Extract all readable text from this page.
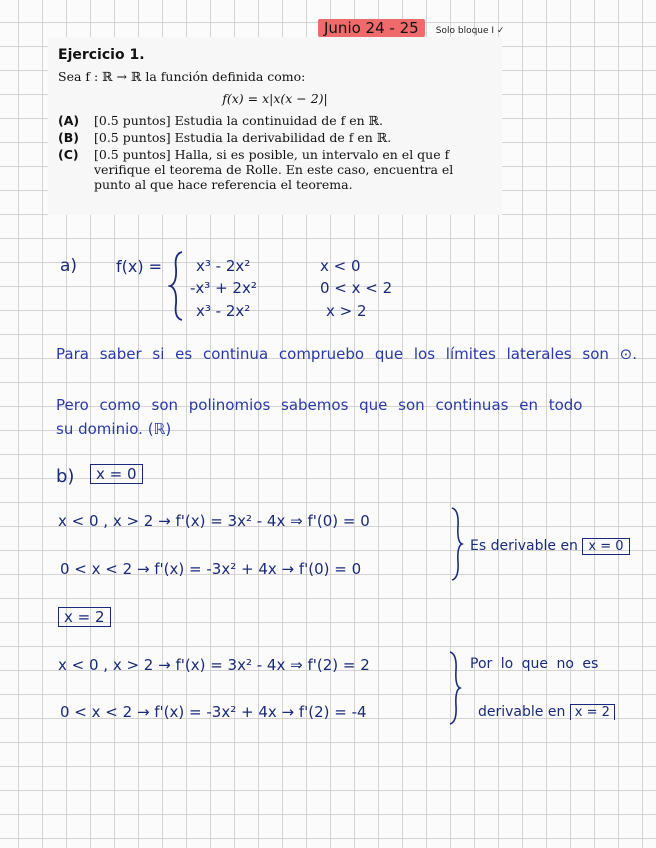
Junio 24 - 25 Solo bloque I ✓
Ejercicio 1.

Sea f : ℝ → ℝ la función definida como:

f(x) = x|x(x − 2)|

(A)	[0.5 puntos] Estudia la continuidad de f en ℝ.
(B)	[0.5 puntos] Estudia la derivabilidad de f en ℝ.
(C)	[0.5 puntos] Halla, si es posible, un intervalo en el que f verifique el teorema de Rolle. En este caso, encuentra el punto al que hace referencia el teorema.
a) f(x) = x³ - 2x²	x < 0
-x³ + 2x²	0 < x < 2
x³ - 2x²	x > 2
Para saber si es continua compruebo que los límites laterales son ⊙.
Pero como son polinomios sabemos que son continuas en todo
su dominio. (ℝ)
b)	x = 0
x < 0 , x > 2 → f'(x) = 3x² - 4x ⇒ f'(0) = 0
0 < x < 2 → f'(x) = -3x² + 4x → f'(0) = 0
Es derivable en x = 0
x = 2
x < 0 , x > 2 → f'(x) = 3x² - 4x ⇒ f'(2) = 2
0 < x < 2 → f'(x) = -3x² + 4x → f'(2) = -4
Por lo que no es
derivable en x = 2
